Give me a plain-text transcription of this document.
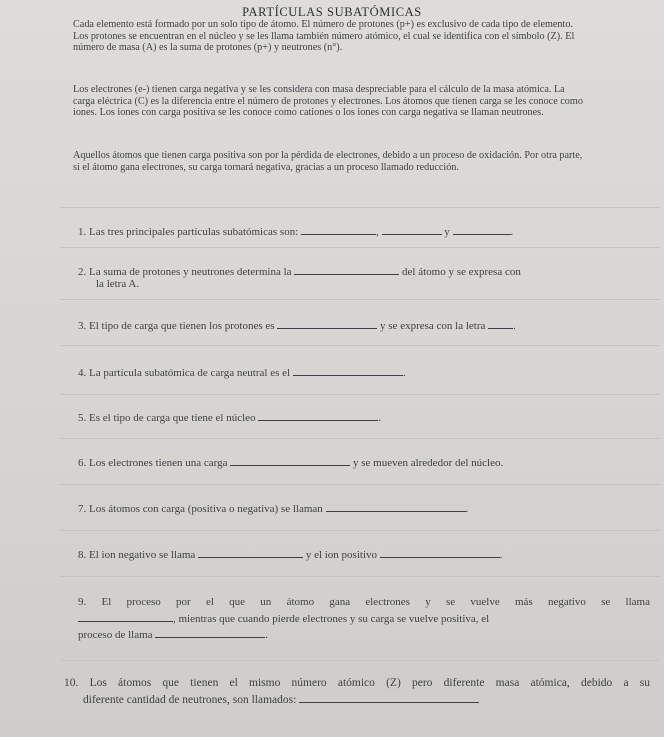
PARTÍCULAS SUBATÓMICAS
Cada elemento está formado por un solo tipo de átomo. El número de protones (p+) es exclusivo de cada tipo de elemento. Los protones se encuentran en el núcleo y se les llama también número atómico, el cual se identifica con el símbolo (Z). El número de masa (A) es la suma de protones (p+) y neutrones (n°).
Los electrones (e-) tienen carga negativa y se les considera con masa despreciable para el cálculo de la masa atómica. La carga eléctrica (C) es la diferencia entre el número de protones y electrones. Los átomos que tienen carga se les conoce como iones. Los iones con carga positiva se les conoce como cationes o los iones con carga negativa se llaman neutrones.
Aquellos átomos que tienen carga positiva son por la pérdida de electrones, debido a un proceso de oxidación. Por otra parte, si el átomo gana electrones, su carga tornará negativa, gracias a un proceso llamado reducción.
1. Las tres principales partículas subatómicas son:	,	y	.
2. La suma de protones y neutrones determina la	del átomo y se expresa con
la letra A.
3. El tipo de carga que tienen los protones es	y se expresa con la letra	.
4. La partícula subatómica de carga neutral es el	.
5. Es el tipo de carga que tiene el núcleo	.
6. Los electrones tienen una carga	y se mueven alrededor del núcleo.
7. Los átomos con carga (positiva o negativa) se llaman	.
8. El ion negativo se llama	y el ion positivo	.
9. El proceso por el que un átomo gana electrones y se vuelve más negativo se llama
, mientras que cuando pierde electrones y su carga se vuelve positiva, el
proceso de llama	.
10. Los átomos que tienen el mismo número atómico (Z) pero diferente masa atómica, debido a su
diferente cantidad de neutrones, son llamados:
